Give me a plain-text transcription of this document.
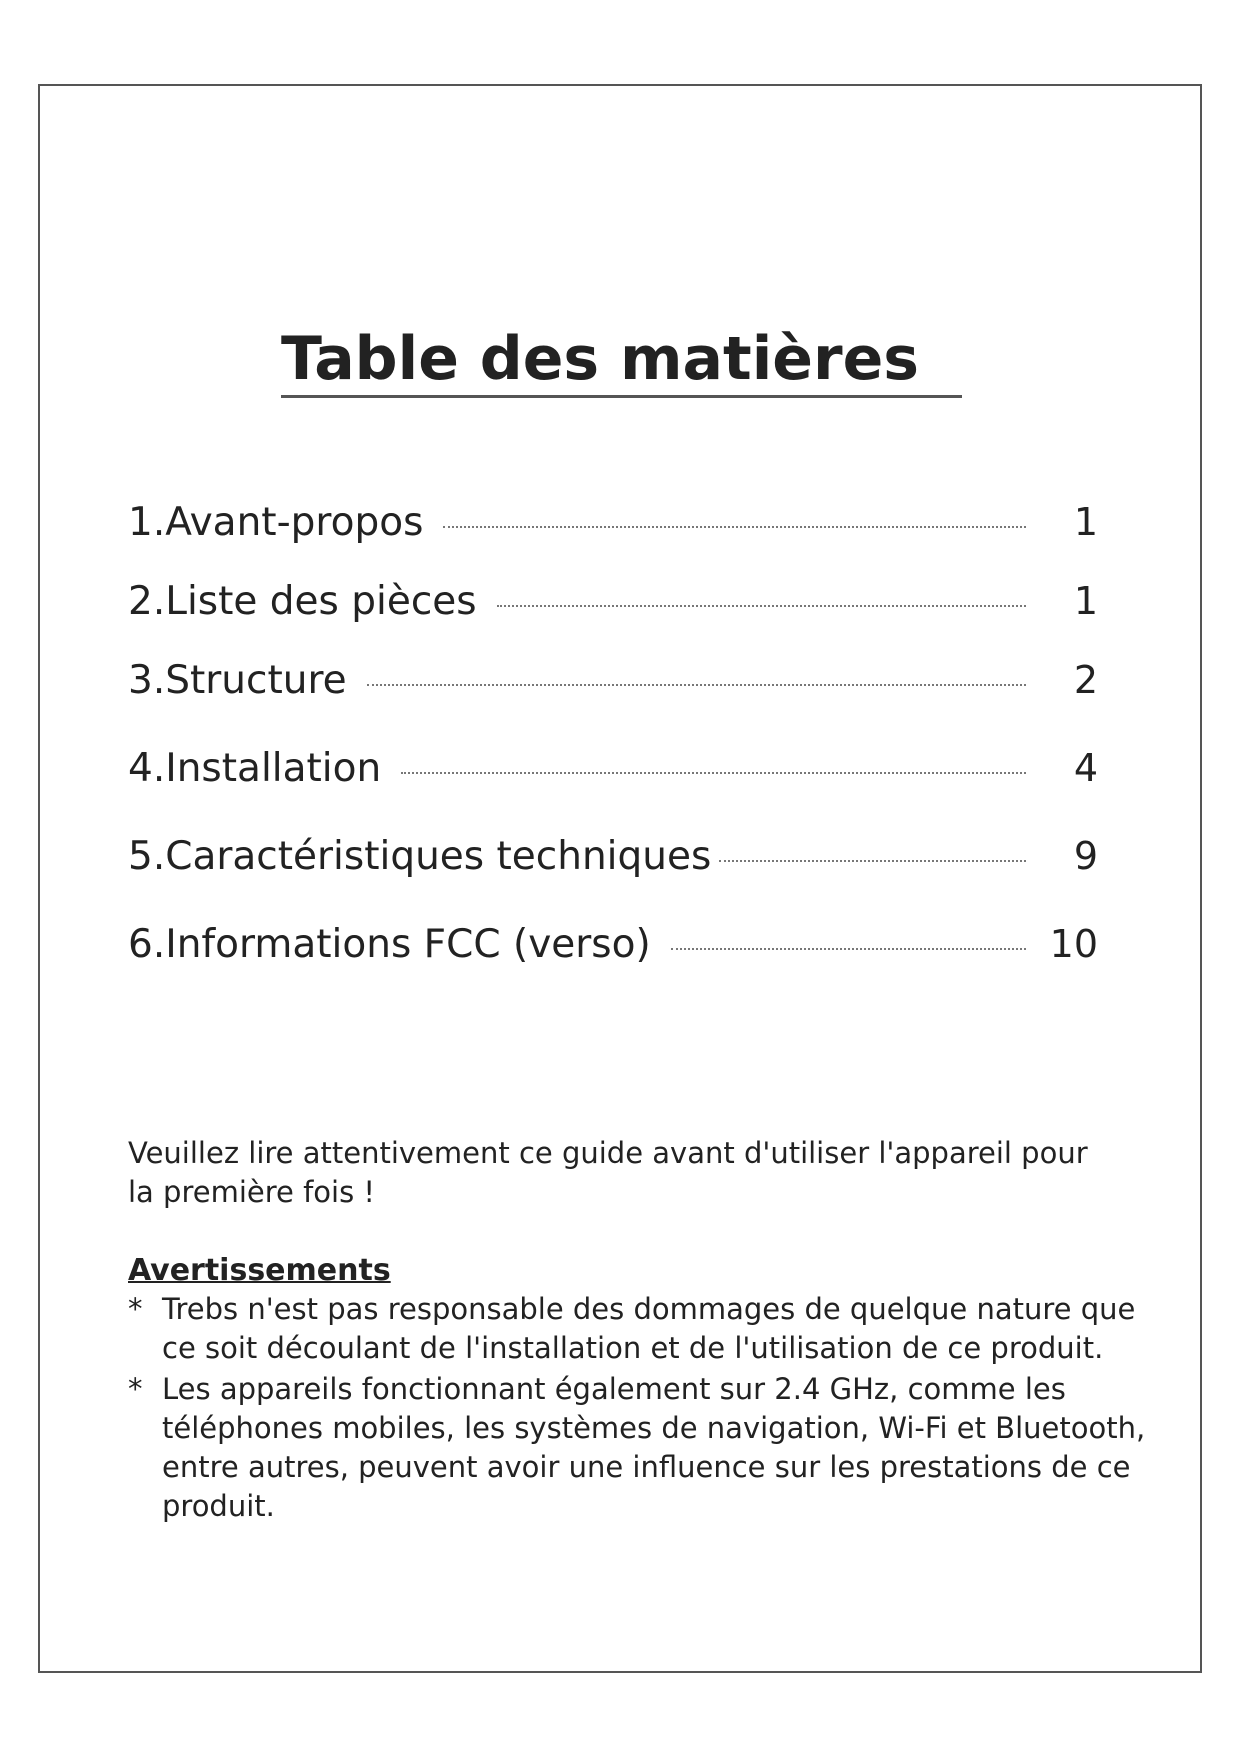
Table des matières
1.Avant-propos	1
2.Liste des pièces	1
3.Structure	2
4.Installation	4
5.Caractéristiques techniques	9
6.Informations FCC (verso)	10
Veuillez lire attentivement ce guide avant d'utiliser l'appareil pour la première fois !
Avertissements
* Trebs n'est pas responsable des dommages de quelque nature que ce soit découlant de l'installation et de l'utilisation de ce produit.
* Les appareils fonctionnant également sur 2.4 GHz, comme les téléphones mobiles, les systèmes de navigation, Wi-Fi et Bluetooth, entre autres, peuvent avoir une influence sur les prestations de ce produit.
